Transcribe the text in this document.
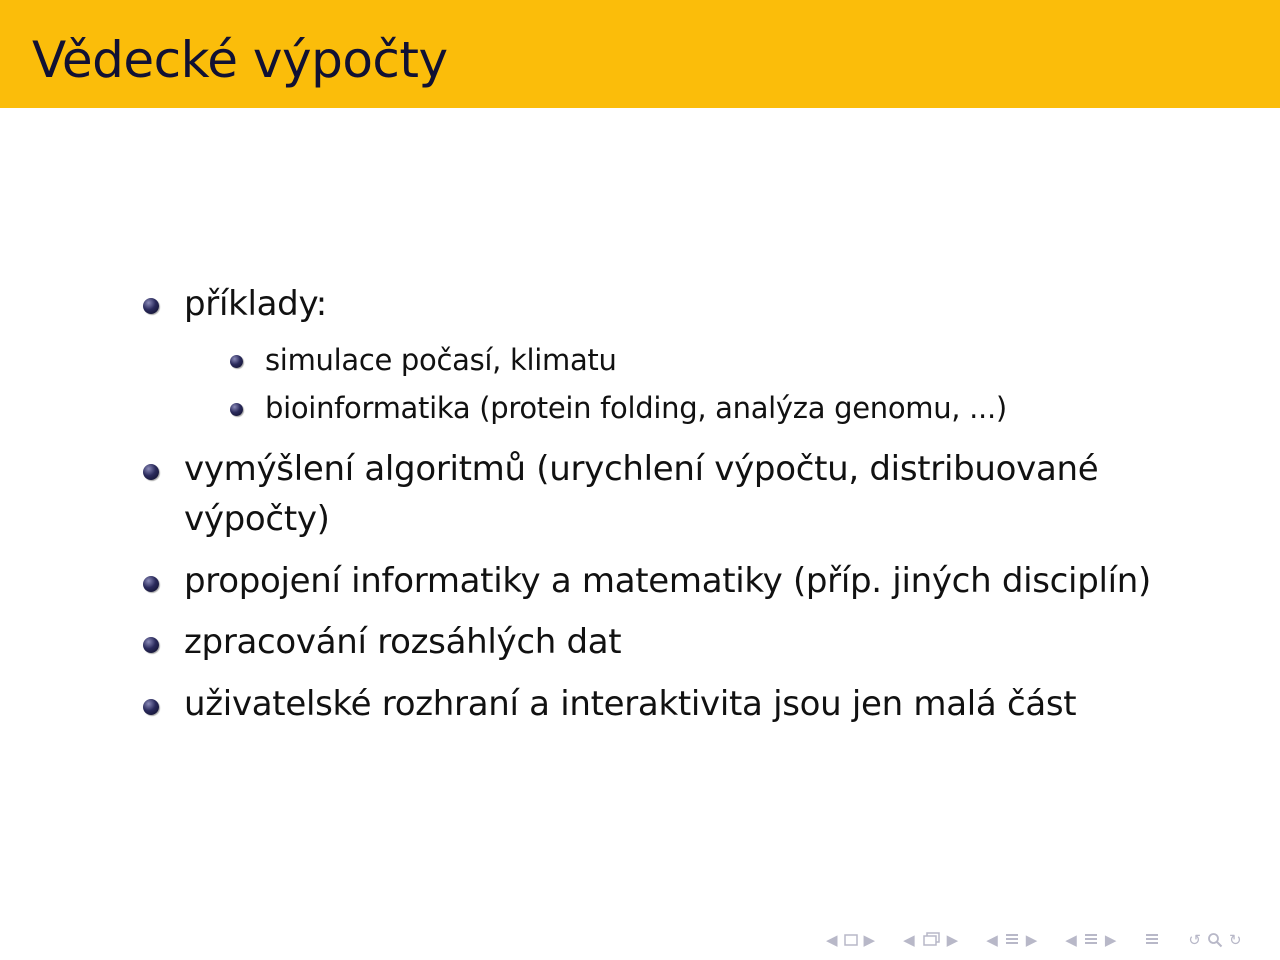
Vědecké výpočty
příklady:
simulace počasí, klimatu
bioinformatika (protein folding, analýza genomu, ...)
vymýšlení algoritmů (urychlení výpočtu, distribuované
výpočty)
propojení informatiky a matematiky (příp. jiných disciplín)
zpracování rozsáhlých dat
uživatelské rozhraní a interaktivita jsou jen malá část
◀ ▶ ◀ ▶ ◀ ▶ ◀ ▶	↺ ↻
